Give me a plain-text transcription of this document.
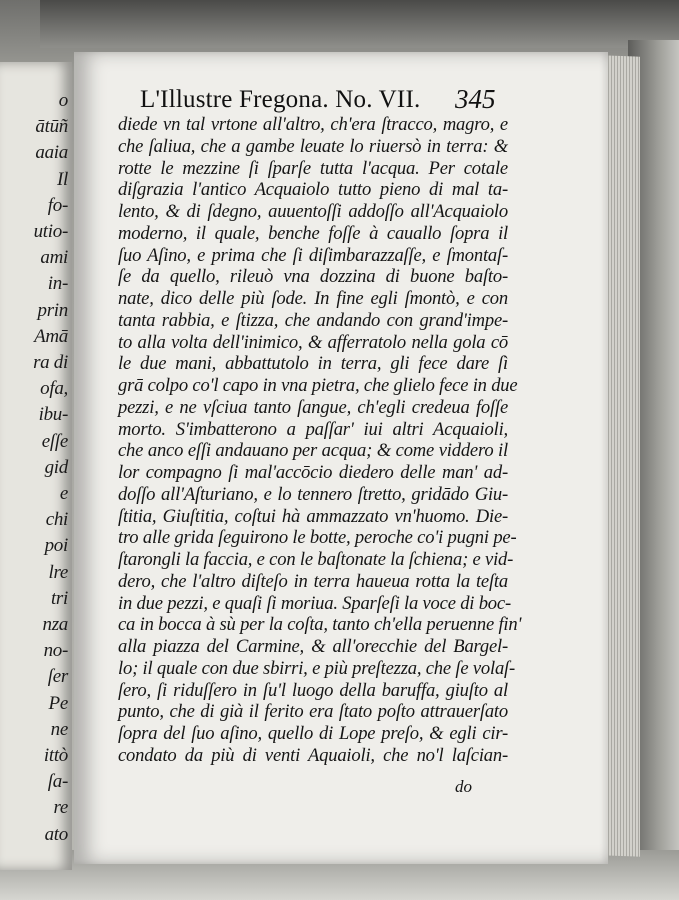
o
ātūñ
aaia
Il
fo-
utio-
ami
in-
prin
Amā
ra di
ofa,
ibu-
eſſe
gid
e
chi
poi
lre
tri
nza
no-
ſer
Pe
ne
ittò
ſa-
re
ato
L'Illustre Fregona. No. VII. 345
diede vn tal vrtone all'altro, ch'era ſtracco, magro, e
che ſaliua, che a gambe leuate lo riuersò in terra: &
rotte le mezzine ſi ſparſe tutta l'acqua. Per cotale
diſgrazia l'antico Acquaiolo tutto pieno di mal ta-
lento, & di ſdegno, auuentoſſi addoſſo all'Acquaiolo
moderno, il quale, benche foſſe à cauallo ſopra il
ſuo Aſino, e prima che ſi diſimbarazzaſſe, e ſmontaſ-
ſe da quello, rileuò vna dozzina di buone baſto-
nate, dico delle più ſode. In fine egli ſmontò, e con
tanta rabbia, e ſtizza, che andando con grand'impe-
to alla volta dell'inimico, & afferratolo nella gola cō
le due mani, abbattutolo in terra, gli fece dare ſì
grā colpo co'l capo in vna pietra, che glielo fece in due
pezzi, e ne vſciua tanto ſangue, ch'egli credeua foſſe
morto. S'imbatterono a paſſar' iui altri Acquaioli,
che anco eſſi andauano per acqua; & come viddero il
lor compagno ſi mal'accōcio diedero delle man' ad-
doſſo all'Aſturiano, e lo tennero ſtretto, gridādo Giu-
ſtitia, Giuſtitia, coſtui hà ammazzato vn'huomo. Die-
tro alle grida ſeguirono le botte, peroche co'i pugni pe-
ſtarongli la faccia, e con le baſtonate la ſchiena; e vid-
dero, che l'altro diſteſo in terra haueua rotta la teſta
in due pezzi, e quaſi ſi moriua. Sparſeſi la voce di boc-
ca in bocca à sù per la coſta, tanto ch'ella peruenne fin'
alla piazza del Carmine, & all'orecchie del Bargel-
lo; il quale con due sbirri, e più preſtezza, che ſe volaſ-
ſero, ſi riduſſero in ſu'l luogo della baruffa, giuſto al
punto, che di già il ferito era ſtato poſto attrauerſato
ſopra del ſuo aſino, quello di Lope preſo, & egli cir-
condato da più di venti Aquaioli, che no'l laſcian-
do
